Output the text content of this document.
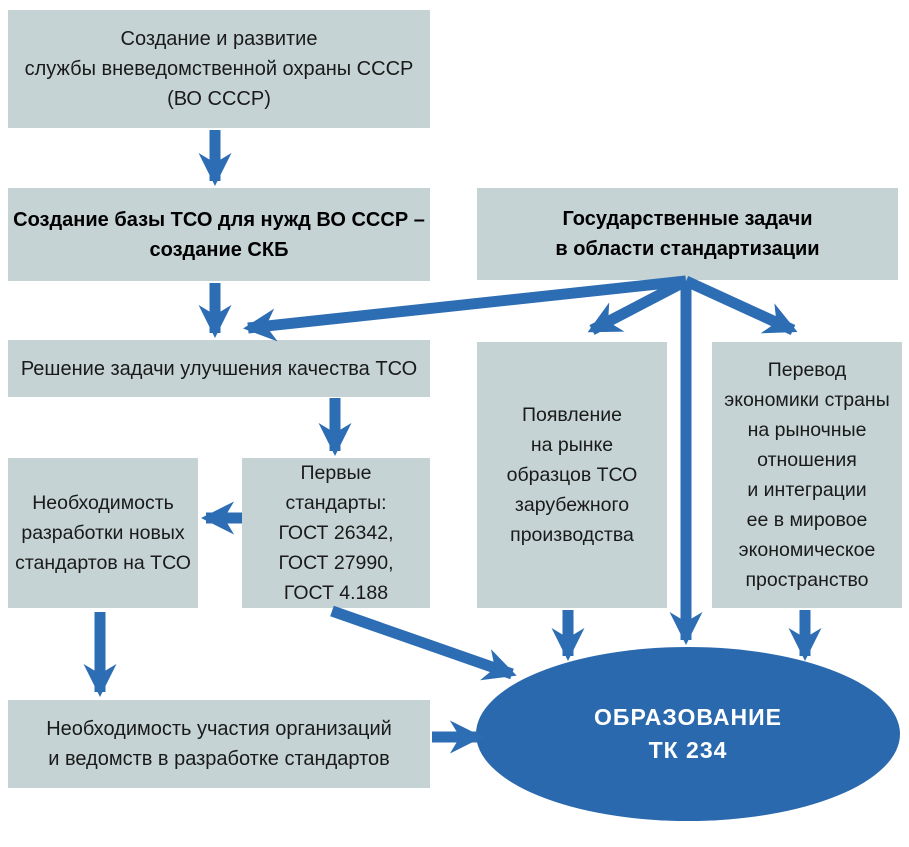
Создание и развитие
службы вневедомственной охраны СССР
(ВО СССР)
Создание базы ТСО для нужд ВО СССР –
создание СКБ
Государственные задачи
в области стандартизации
Решение задачи улучшения качества ТСО
Необходимость
разработки новых
стандартов на ТСО
Первые
стандарты:
ГОСТ 26342,
ГОСТ 27990,
ГОСТ 4.188
Появление
на рынке
образцов ТСО
зарубежного
производства
Перевод
экономики страны
на рыночные
отношения
и интеграции
ее в мировое
экономическое
пространство
Необходимость участия организаций
и ведомств в разработке стандартов
ОБРАЗОВАНИЕ
ТК 234
